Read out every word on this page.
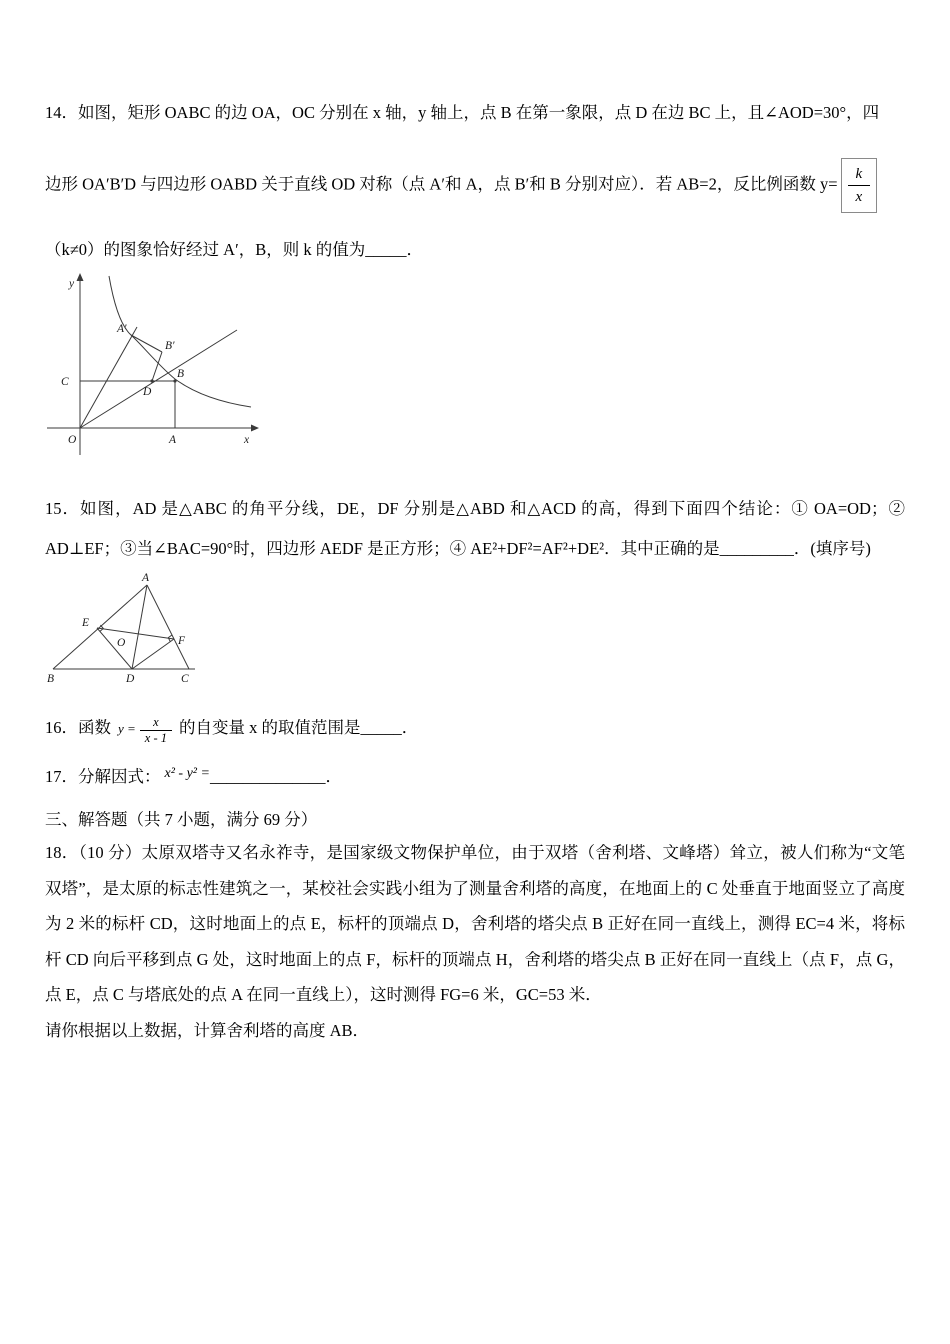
14．如图，矩形 OABC 的边 OA，OC 分别在 x 轴，y 轴上，点 B 在第一象限，点 D 在边 BC 上，且∠AOD=30°，四
边形 OA′B′D 与四边形 OABD 关于直线 OD 对称（点 A′和 A，点 B′和 B 分别对应）．若 AB=2，反比例函数 $y= \frac{k}{x}$
（k≠0）的图象恰好经过 A′，B，则 k 的值为_____．
y
x
O	A
B
C
D
A′
B′
15．如图，AD 是△ABC 的角平分线，DE，DF 分别是△ABD 和△ACD 的高，得到下面四个结论：① OA=OD；② AD⊥EF；③当∠BAC=90°时，四边形 AEDF 是正方形；④ AE²+DF²=AF²+DE²．其中正确的是_________．(填序号)
A
B	C
D
E
F
O
16．函数 $y = \frac{x}{x - 1}$ 的自变量 x 的取值范围是_____．
17．分解因式： $^{x^2 - y^2 =}$______________．
三、解答题（共 7 小题，满分 69 分）
18．（10 分）太原双塔寺又名永祚寺，是国家级文物保护单位，由于双塔（舍利塔、文峰塔）耸立，被人们称为“文笔双塔”，是太原的标志性建筑之一，某校社会实践小组为了测量舍利塔的高度，在地面上的 C 处垂直于地面竖立了高度为 2 米的标杆 CD，这时地面上的点 E，标杆的顶端点 D，舍利塔的塔尖点 B 正好在同一直线上，测得 EC=4 米，将标杆 CD 向后平移到点 G 处，这时地面上的点 F，标杆的顶端点 H，舍利塔的塔尖点 B 正好在同一直线上（点 F，点 G，点 E，点 C 与塔底处的点 A 在同一直线上），这时测得 FG=6 米，GC=53 米．
请你根据以上数据，计算舍利塔的高度 AB．
